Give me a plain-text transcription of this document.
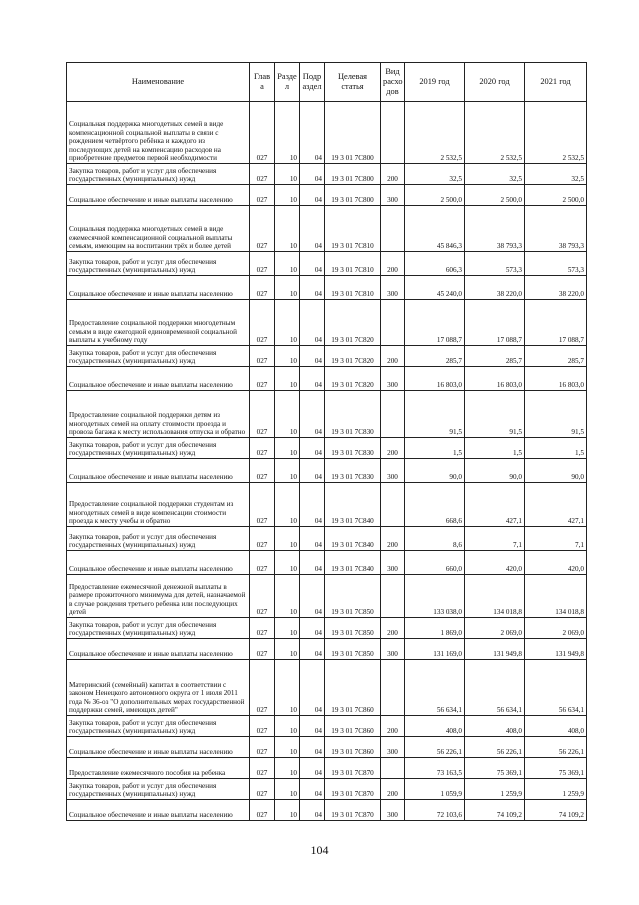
Наименование	Глав а	Разде л	Подр аздел	Целевая статья	Вид расхо дов	2019 год	2020 год	2021 год
Социальная поддержка многодетных семей в виде компенсационной социальной выплаты в связи с рождением четвёртого ребёнка и каждого из последующих детей на компенсацию расходов на приобретение предметов первой необходимости	027	10	04	19 3 01 7С800		2 532,5	2 532,5	2 532,5
Закупка товаров, работ и услуг для обеспечения государственных (муниципальных) нужд	027	10	04	19 3 01 7С800	200	32,5	32,5	32,5
Социальное обеспечение и иные выплаты населению	027	10	04	19 3 01 7С800	300	2 500,0	2 500,0	2 500,0
Социальная поддержка многодетных семей в виде ежемесячной компенсационной социальной выплаты семьям, имеющим на воспитании трёх и более детей	027	10	04	19 3 01 7С810		45 846,3	38 793,3	38 793,3
Закупка товаров, работ и услуг для обеспечения государственных (муниципальных) нужд	027	10	04	19 3 01 7С810	200	606,3	573,3	573,3
Социальное обеспечение и иные выплаты населению	027	10	04	19 3 01 7С810	300	45 240,0	38 220,0	38 220,0
Предоставление социальной поддержки многодетным семьям в виде ежегодной единовременной социальной выплаты к учебному году	027	10	04	19 3 01 7С820		17 088,7	17 088,7	17 088,7
Закупка товаров, работ и услуг для обеспечения государственных (муниципальных) нужд	027	10	04	19 3 01 7С820	200	285,7	285,7	285,7
Социальное обеспечение и иные выплаты населению	027	10	04	19 3 01 7С820	300	16 803,0	16 803,0	16 803,0
Предоставление социальной поддержки детям из многодетных семей на оплату стоимости проезда и провоза багажа к месту использования отпуска и обратно	027	10	04	19 3 01 7С830		91,5	91,5	91,5
Закупка товаров, работ и услуг для обеспечения государственных (муниципальных) нужд	027	10	04	19 3 01 7С830	200	1,5	1,5	1,5
Социальное обеспечение и иные выплаты населению	027	10	04	19 3 01 7С830	300	90,0	90,0	90,0
Предоставление социальной поддержки студентам из многодетных семей в виде компенсации стоимости проезда к месту учебы и обратно	027	10	04	19 3 01 7С840		668,6	427,1	427,1
Закупка товаров, работ и услуг для обеспечения государственных (муниципальных) нужд	027	10	04	19 3 01 7С840	200	8,6	7,1	7,1
Социальное обеспечение и иные выплаты населению	027	10	04	19 3 01 7С840	300	660,0	420,0	420,0
Предоставление ежемесячной денежной выплаты в размере прожиточного минимума для детей, назначаемой в случае рождения третьего ребенка или последующих детей	027	10	04	19 3 01 7С850		133 038,0	134 018,8	134 018,8
Закупка товаров, работ и услуг для обеспечения государственных (муниципальных) нужд	027	10	04	19 3 01 7С850	200	1 869,0	2 069,0	2 069,0
Социальное обеспечение и иные выплаты населению	027	10	04	19 3 01 7С850	300	131 169,0	131 949,8	131 949,8
Материнский (семейный) капитал в соответствии с законом Ненецкого автономного округа от 1 июля 2011 года № 36-оз "О дополнительных мерах государственной поддержки семей, имеющих детей"	027	10	04	19 3 01 7С860		56 634,1	56 634,1	56 634,1
Закупка товаров, работ и услуг для обеспечения государственных (муниципальных) нужд	027	10	04	19 3 01 7С860	200	408,0	408,0	408,0
Социальное обеспечение и иные выплаты населению	027	10	04	19 3 01 7С860	300	56 226,1	56 226,1	56 226,1
Предоставление ежемесячного пособия на ребенка	027	10	04	19 3 01 7С870		73 163,5	75 369,1	75 369,1
Закупка товаров, работ и услуг для обеспечения государственных (муниципальных) нужд	027	10	04	19 3 01 7С870	200	1 059,9	1 259,9	1 259,9
Социальное обеспечение и иные выплаты населению	027	10	04	19 3 01 7С870	300	72 103,6	74 109,2	74 109,2
104
